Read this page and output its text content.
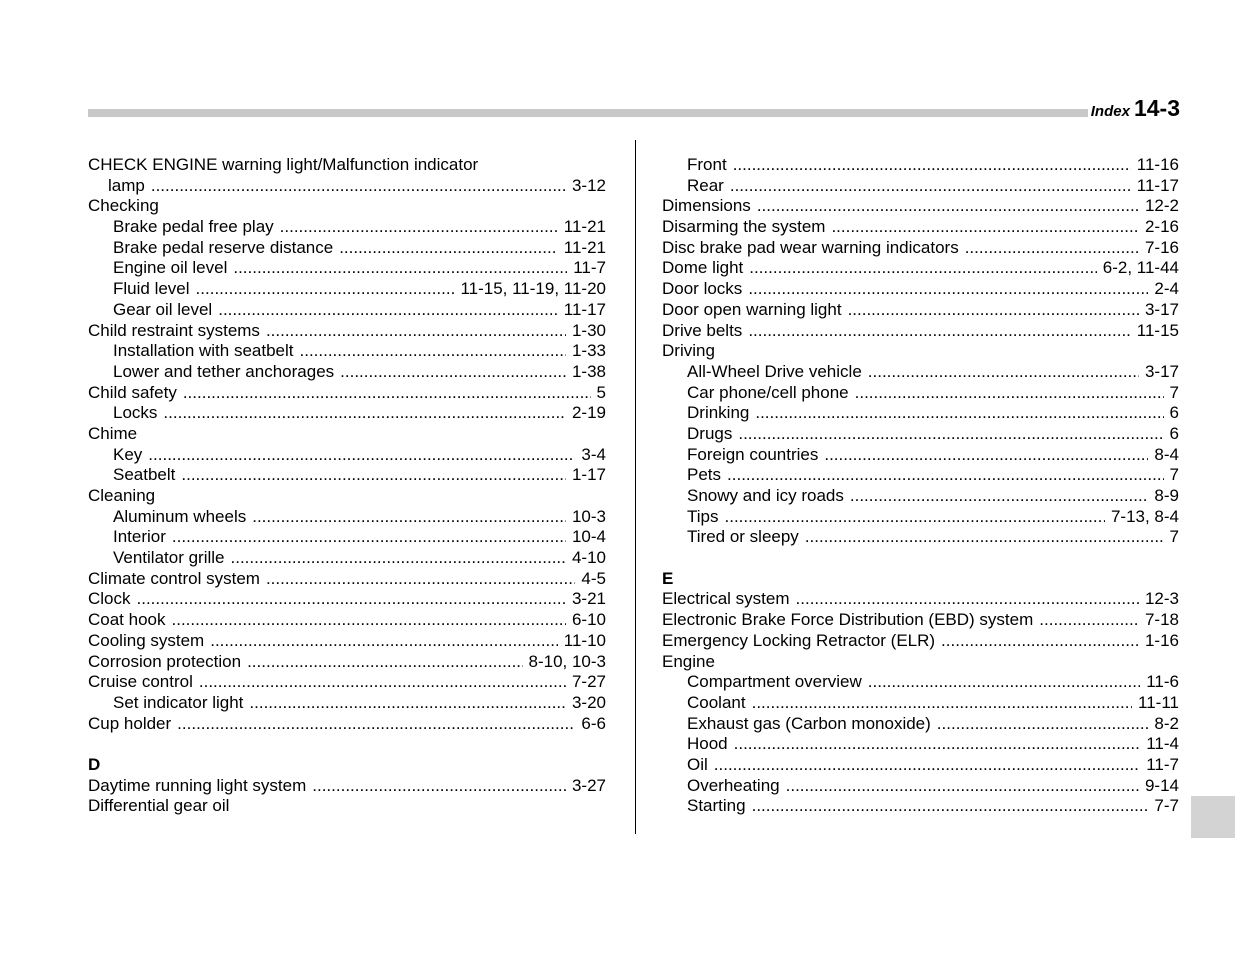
Index 14-3
CHECK ENGINE warning light/Malfunction indicator
lamp .....	3-12
Checking
Brake pedal free play .....	11-21
Brake pedal reserve distance .....	11-21
Engine oil level .....	11-7
Fluid level .....	11-15, 11-19, 11-20
Gear oil level .....	11-17
Child restraint systems .....	1-30
Installation with seatbelt .....	1-33
Lower and tether anchorages .....	1-38
Child safety .....	5
Locks .....	2-19
Chime
Key .....	3-4
Seatbelt .....	1-17
Cleaning
Aluminum wheels .....	10-3
Interior .....	10-4
Ventilator grille .....	4-10
Climate control system .....	4-5
Clock .....	3-21
Coat hook .....	6-10
Cooling system .....	11-10
Corrosion protection .....	8-10, 10-3
Cruise control .....	7-27
Set indicator light .....	3-20
Cup holder .....	6-6
D
Daytime running light system .....	3-27
Differential gear oil
Front .....	11-16
Rear .....	11-17
Dimensions .....	12-2
Disarming the system .....	2-16
Disc brake pad wear warning indicators .....	7-16
Dome light .....	6-2, 11-44
Door locks .....	2-4
Door open warning light .....	3-17
Drive belts .....	11-15
Driving
All-Wheel Drive vehicle .....	3-17
Car phone/cell phone .....	7
Drinking .....	6
Drugs .....	6
Foreign countries .....	8-4
Pets .....	7
Snowy and icy roads .....	8-9
Tips .....	7-13, 8-4
Tired or sleepy .....	7
E
Electrical system .....	12-3
Electronic Brake Force Distribution (EBD) system .....	7-18
Emergency Locking Retractor (ELR) .....	1-16
Engine
Compartment overview .....	11-6
Coolant .....	11-11
Exhaust gas (Carbon monoxide) .....	8-2
Hood .....	11-4
Oil .....	11-7
Overheating .....	9-14
Starting .....	7-7
